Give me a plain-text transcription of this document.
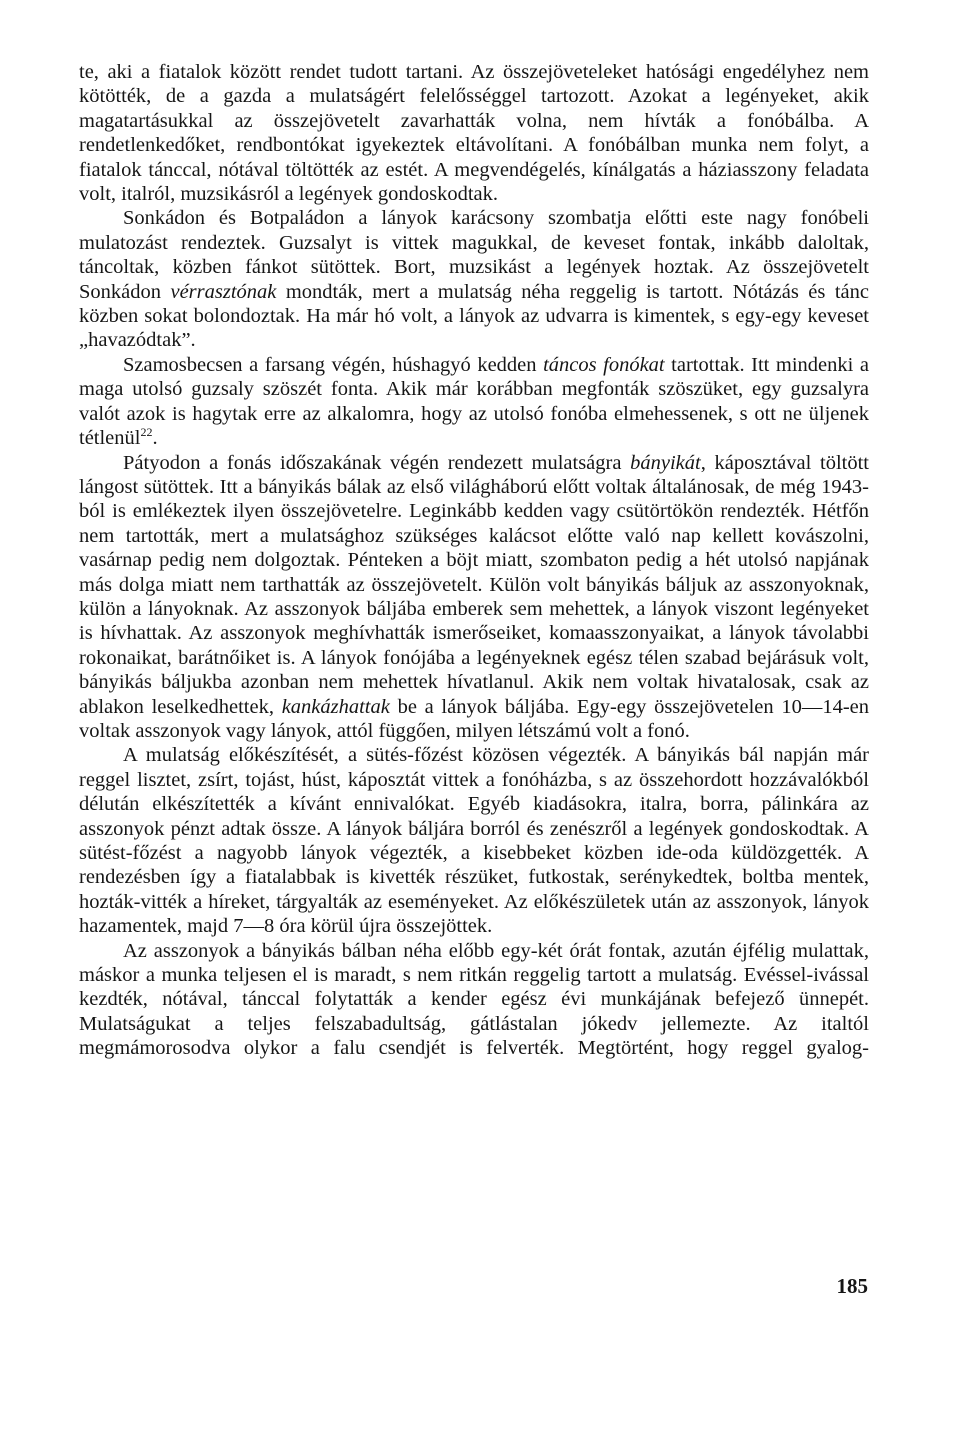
te, aki a fiatalok között rendet tudott tartani. Az összejöveteleket hatósági engedélyhez nem kötötték, de a gazda a mulatságért felelősséggel tartozott. Azokat a legényeket, akik magatartásukkal az összejövetelt zavarhatták volna, nem hívták a fonóbálba. A rendetlenkedőket, rendbontókat igyekeztek eltávolítani. A fonóbálban munka nem folyt, a fiatalok tánccal, nótával töltötték az estét. A megvendégelés, kínálgatás a háziasszony feladata volt, italról, muzsikásról a legények gondoskodtak.

Sonkádon és Botpaládon a lányok karácsony szombatja előtti este nagy fonóbeli mulatozást rendeztek. Guzsalyt is vittek magukkal, de keveset fontak, inkább daloltak, táncoltak, közben fánkot sütöttek. Bort, muzsikást a legények hoztak. Az összejövetelt Sonkádon vérrasztónak mondták, mert a mulatság néha reggelig is tartott. Nótázás és tánc közben sokat bolondoztak. Ha már hó volt, a lányok az udvarra is kimentek, s egy-egy keveset „havazódtak”.

Szamosbecsen a farsang végén, húshagyó kedden táncos fonókat tartottak. Itt mindenki a maga utolsó guzsaly szöszét fonta. Akik már korábban megfonták szöszüket, egy guzsalyra valót azok is hagytak erre az alkalomra, hogy az utolsó fonóba elmehessenek, s ott ne üljenek tétlenül$^{22}$.

Pátyodon a fonás időszakának végén rendezett mulatságra bányikát, káposztával töltött lángost sütöttek. Itt a bányikás bálak az első világháború előtt voltak általánosak, de még 1943-ból is emlékeztek ilyen összejövetelre. Leginkább kedden vagy csütörtökön rendezték. Hétfőn nem tartották, mert a mulatsághoz szükséges kalácsot előtte való nap kellett kovászolni, vasárnap pedig nem dolgoztak. Pénteken a böjt miatt, szombaton pedig a hét utolsó napjának más dolga miatt nem tarthatták az összejövetelt. Külön volt bányikás báljuk az asszonyoknak, külön a lányoknak. Az asszonyok báljába emberek sem mehettek, a lányok viszont legényeket is hívhattak. Az asszonyok meghívhatták ismerőseiket, komaasszonyaikat, a lányok távolabbi rokonaikat, barátnőiket is. A lányok fonójába a legényeknek egész télen szabad bejárásuk volt, bányikás báljukba azonban nem mehettek hívatlanul. Akik nem voltak hivatalosak, csak az ablakon leselkedhettek, kankázhattak be a lányok báljába. Egy-egy összejövetelen 10—14-en voltak asszonyok vagy lányok, attól függően, milyen létszámú volt a fonó.

A mulatság előkészítését, a sütés-főzést közösen végezték. A bányikás bál napján már reggel lisztet, zsírt, tojást, húst, káposztát vittek a fonóházba, s az összehordott hozzávalókból délután elkészítették a kívánt ennivalókat. Egyéb kiadásokra, italra, borra, pálinkára az asszonyok pénzt adtak össze. A lányok báljára borról és zenészről a legények gondoskodtak. A sütést-főzést a nagyobb lányok végezték, a kisebbeket közben ide-oda küldözgették. A rendezésben így a fiatalabbak is kivették részüket, futkostak, serénykedtek, boltba mentek, hozták-vitték a híreket, tárgyalták az eseményeket. Az előkészületek után az asszonyok, lányok hazamentek, majd 7—8 óra körül újra összejöttek.

Az asszonyok a bányikás bálban néha előbb egy-két órát fontak, azután éjfélig mulattak, máskor a munka teljesen el is maradt, s nem ritkán reggelig tartott a mulatság. Evéssel-ivással kezdték, nótával, tánccal folytatták a kender egész évi munkájának befejező ünnepét. Mulatságukat a teljes felszabadultság, gátlástalan jókedv jellemezte. Az italtól megmámorosodva olykor a falu csendjét is felverték. Megtörtént, hogy reggel gyalog-

185
